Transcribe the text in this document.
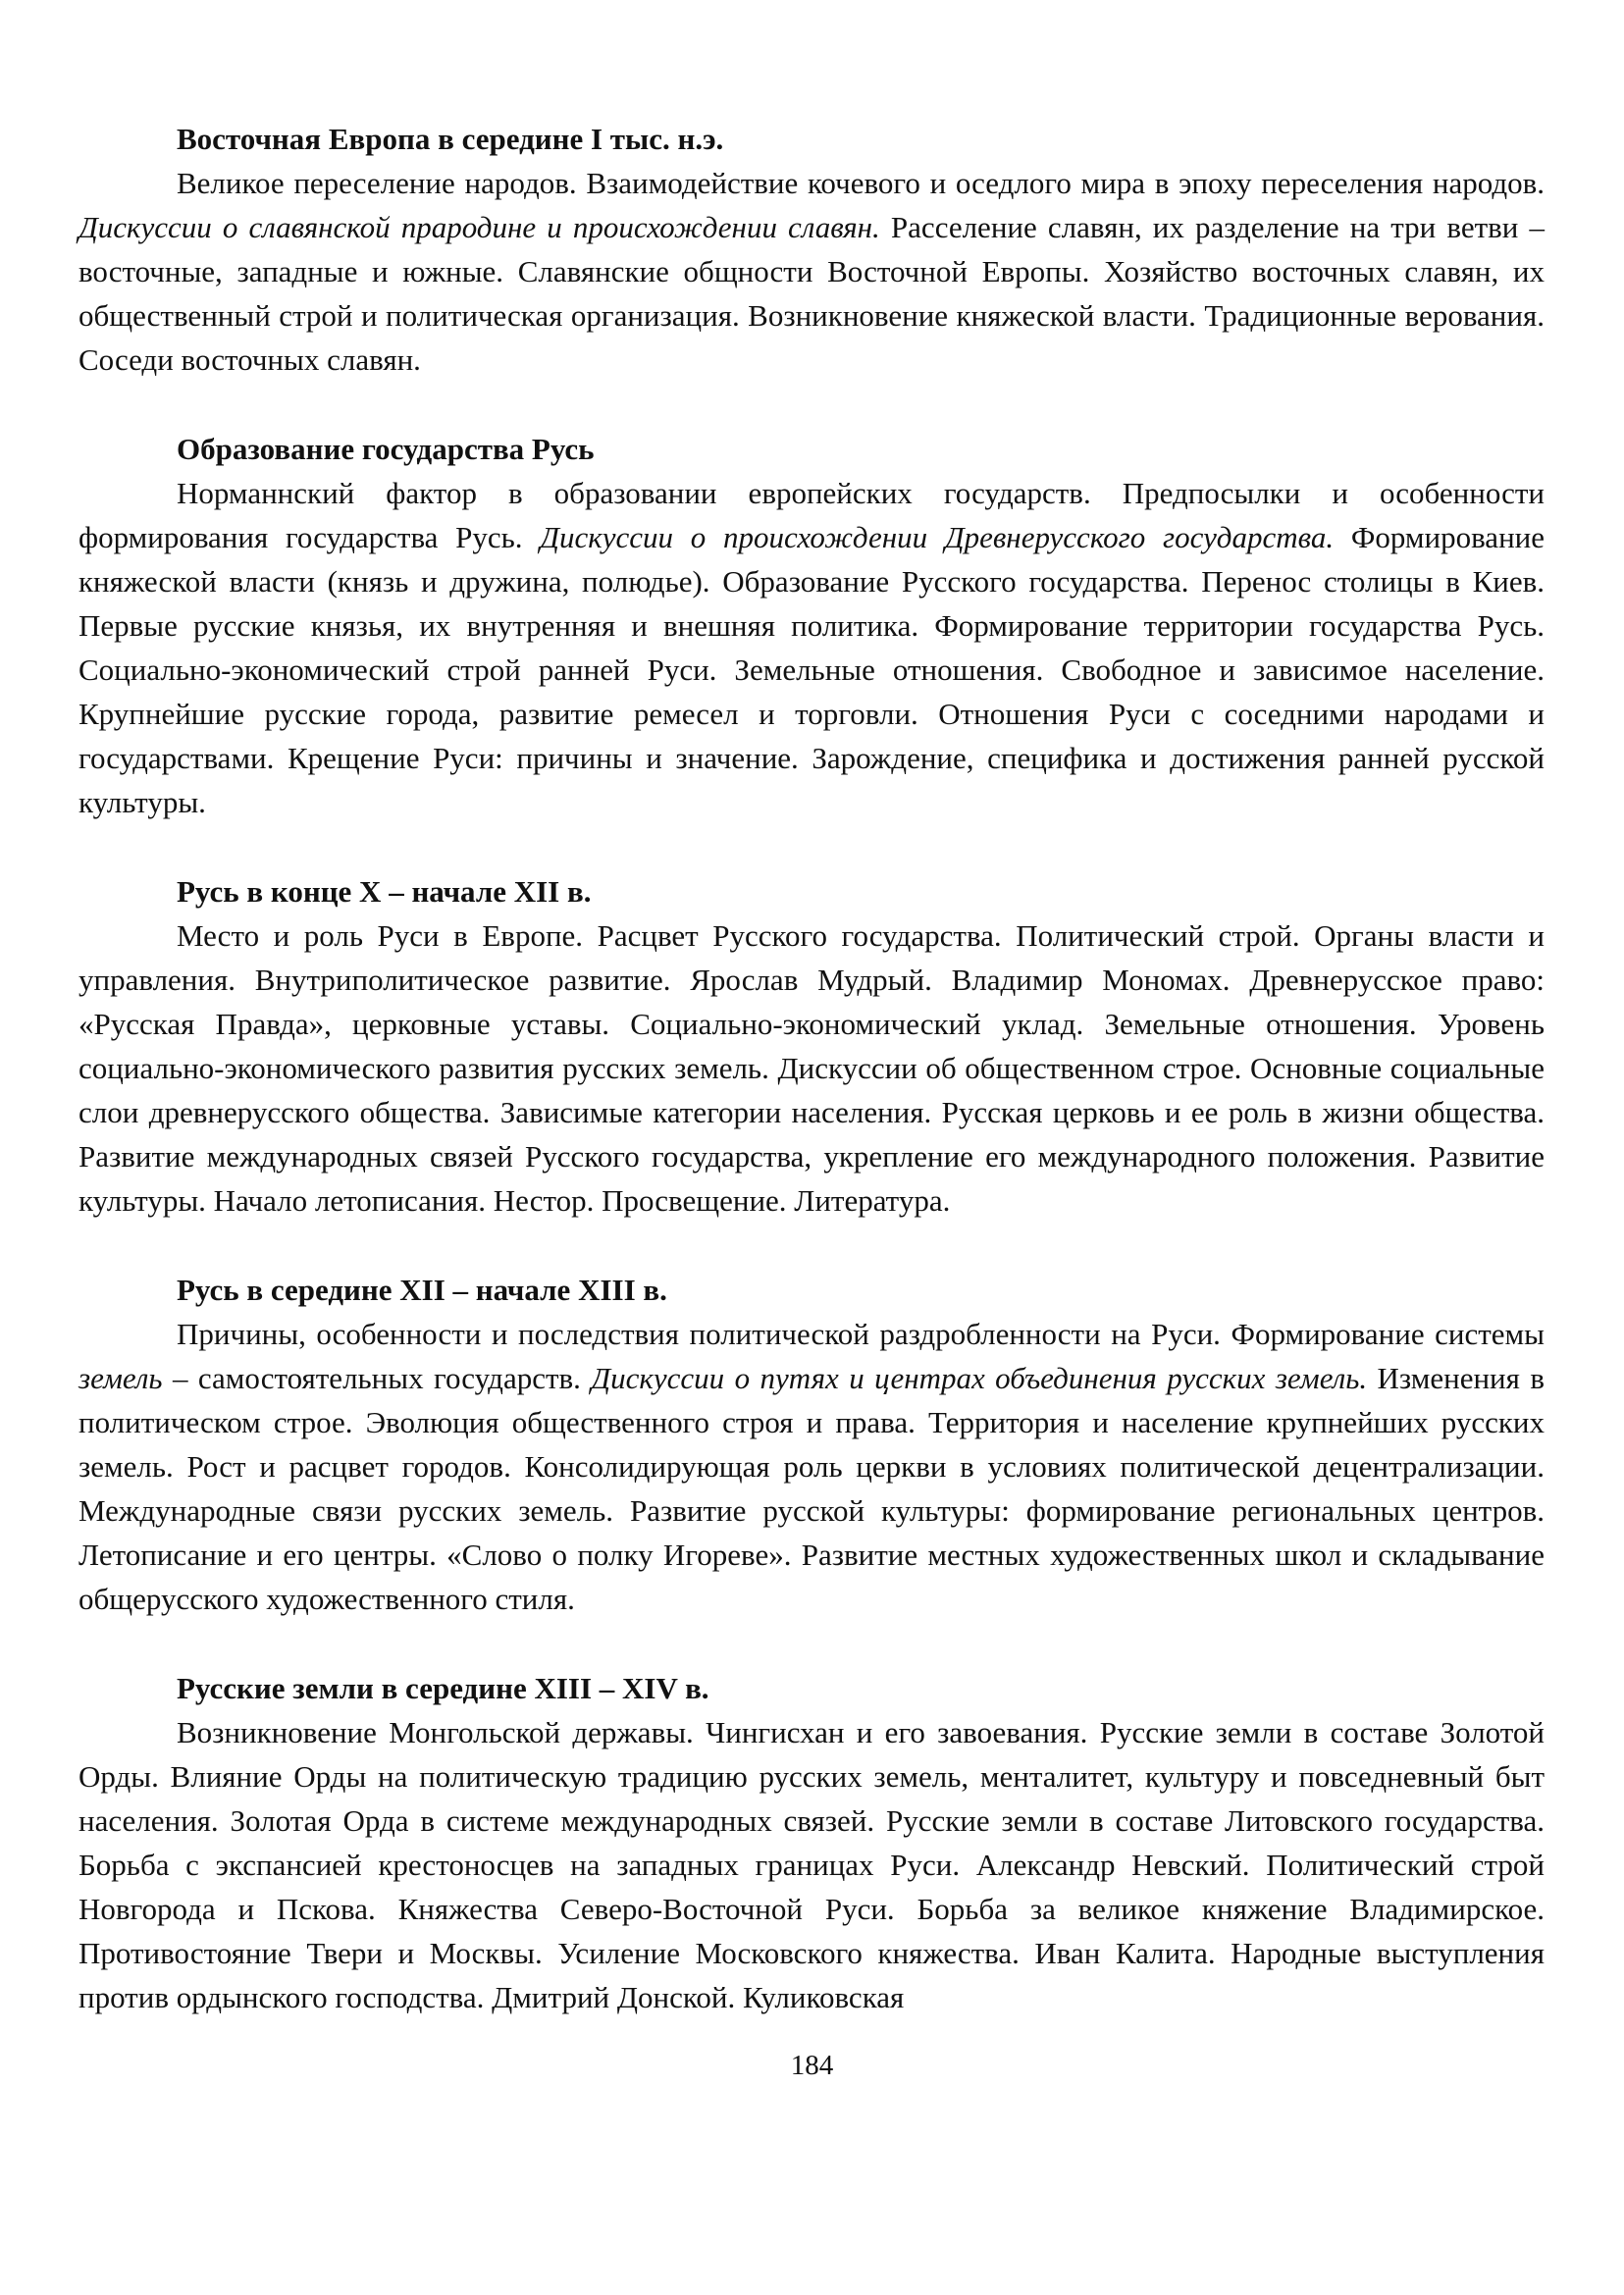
Восточная Европа в середине I тыс. н.э.

Великое переселение народов. Взаимодействие кочевого и оседлого мира в эпоху переселения народов. Дискуссии о славянской прародине и происхождении славян. Расселение славян, их разделение на три ветви – восточные, западные и южные. Славянские общности Восточной Европы. Хозяйство восточных славян, их общественный строй и политическая организация. Возникновение княжеской власти. Традиционные верования. Соседи восточных славян.

Образование государства Русь

Норманнский фактор в образовании европейских государств. Предпосылки и особенности формирования государства Русь. Дискуссии о происхождении Древнерусского государства. Формирование княжеской власти (князь и дружина, полюдье). Образование Русского государства. Перенос столицы в Киев. Первые русские князья, их внутренняя и внешняя политика. Формирование территории государства Русь. Социально-экономический строй ранней Руси. Земельные отношения. Свободное и зависимое население. Крупнейшие русские города, развитие ремесел и торговли. Отношения Руси с соседними народами и государствами. Крещение Руси: причины и значение. Зарождение, специфика и достижения ранней русской культуры.

Русь в конце X – начале XII в.

Место и роль Руси в Европе. Расцвет Русского государства. Политический строй. Органы власти и управления. Внутриполитическое развитие. Ярослав Мудрый. Владимир Мономах. Древнерусское право: «Русская Правда», церковные уставы. Социально-экономический уклад. Земельные отношения. Уровень социально-экономического развития русских земель. Дискуссии об общественном строе. Основные социальные слои древнерусского общества. Зависимые категории населения. Русская церковь и ее роль в жизни общества. Развитие международных связей Русского государства, укрепление его международного положения. Развитие культуры. Начало летописания. Нестор. Просвещение. Литература.

Русь в середине XII – начале XIII в.

Причины, особенности и последствия политической раздробленности на Руси. Формирование системы земель – самостоятельных государств. Дискуссии о путях и центрах объединения русских земель. Изменения в политическом строе. Эволюция общественного строя и права. Территория и население крупнейших русских земель. Рост и расцвет городов. Консолидирующая роль церкви в условиях политической децентрализации. Международные связи русских земель. Развитие русской культуры: формирование региональных центров. Летописание и его центры. «Слово о полку Игореве». Развитие местных художественных школ и складывание общерусского художественного стиля.

Русские земли в середине XIII – XIV в.

Возникновение Монгольской державы. Чингисхан и его завоевания. Русские земли в составе Золотой Орды. Влияние Орды на политическую традицию русских земель, менталитет, культуру и повседневный быт населения. Золотая Орда в системе международных связей. Русские земли в составе Литовского государства. Борьба с экспансией крестоносцев на западных границах Руси. Александр Невский. Политический строй Новгорода и Пскова. Княжества Северо-Восточной Руси. Борьба за великое княжение Владимирское. Противостояние Твери и Москвы. Усиление Московского княжества. Иван Калита. Народные выступления против ордынского господства. Дмитрий Донской. Куликовская

184
